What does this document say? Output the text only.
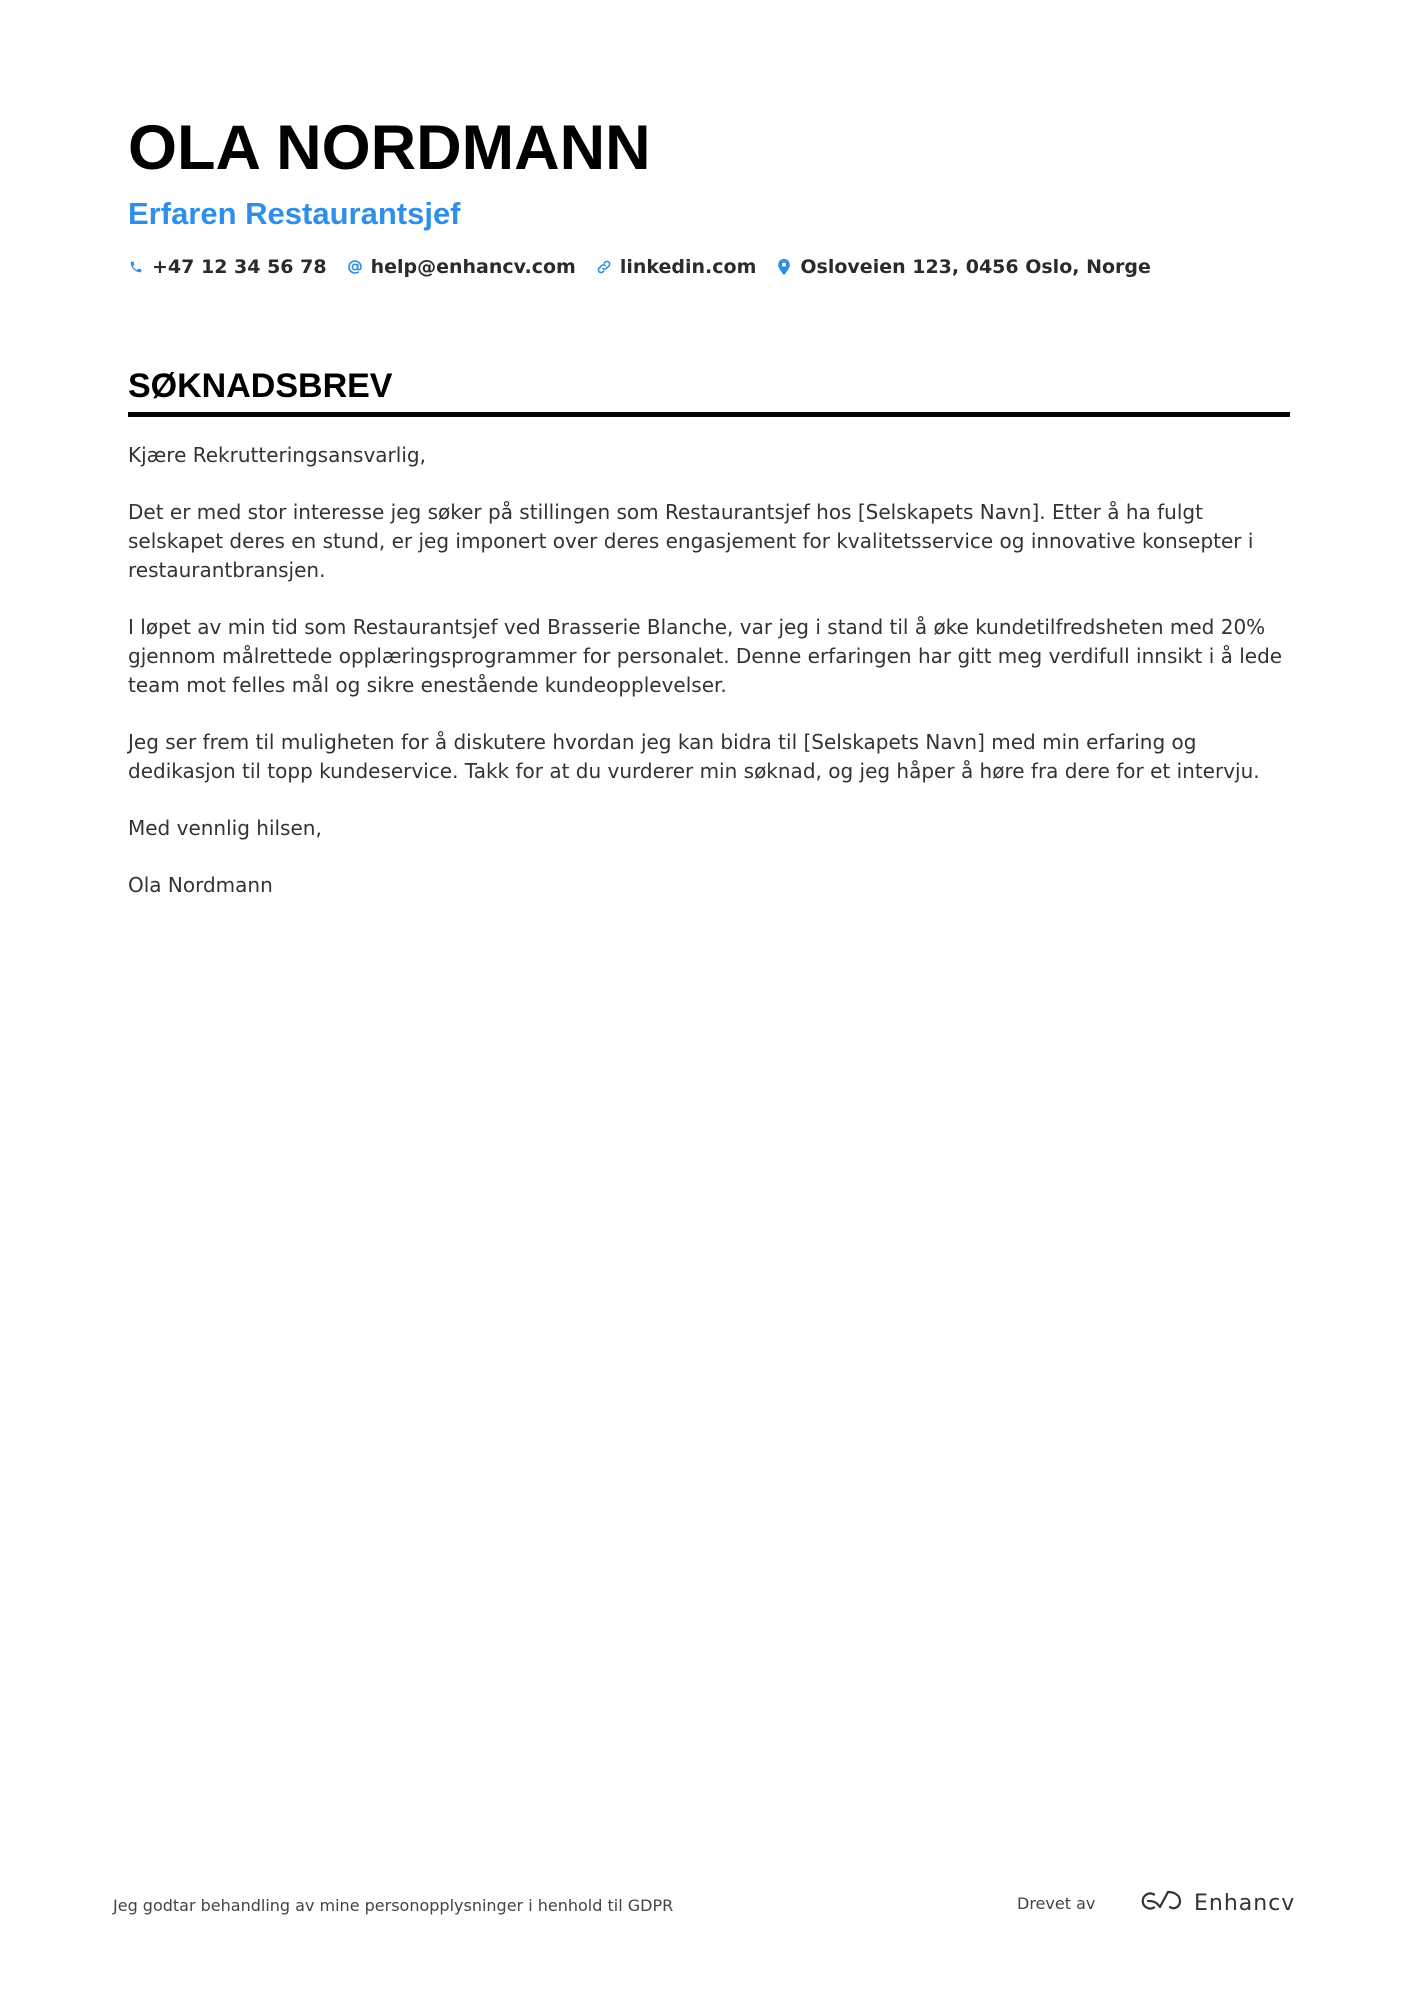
OLA NORDMANN
Erfaren Restaurantsjef
+47 12 34 56 78 help@enhancv.com linkedin.com Osloveien 123, 0456 Oslo, Norge
SØKNADSBREV

Kjære Rekrutteringsansvarlig,

Det er med stor interesse jeg søker på stillingen som Restaurantsjef hos [Selskapets Navn]. Etter å ha fulgt selskapet deres en stund, er jeg imponert over deres engasjement for kvalitetsservice og innovative konsepter i restaurantbransjen.

I løpet av min tid som Restaurantsjef ved Brasserie Blanche, var jeg i stand til å øke kundetilfredsheten med 20% gjennom målrettede opplæringsprogrammer for personalet. Denne erfaringen har gitt meg verdifull innsikt i å lede team mot felles mål og sikre enestående kundeopplevelser.

Jeg ser frem til muligheten for å diskutere hvordan jeg kan bidra til [Selskapets Navn] med min erfaring og dedikasjon til topp kundeservice. Takk for at du vurderer min søknad, og jeg håper å høre fra dere for et intervju.

Med vennlig hilsen,

Ola Nordmann

Jeg godtar behandling av mine personopplysninger i henhold til GDPR	Drevet av	Enhancv
